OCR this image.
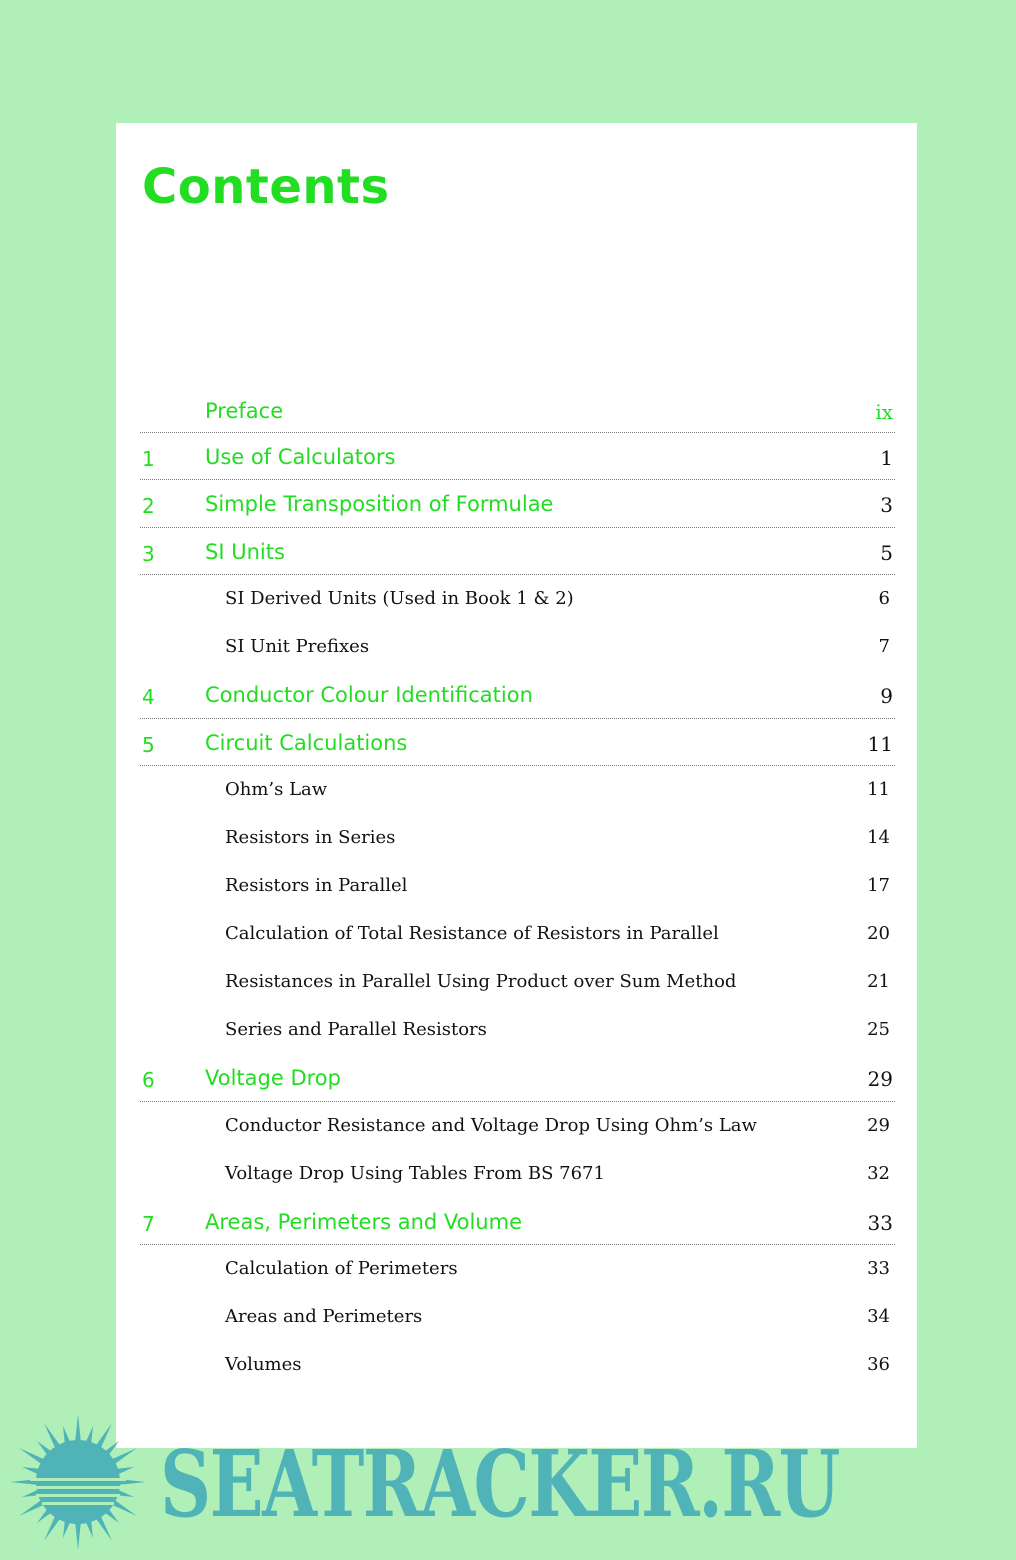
Contents
Preface	ix
1 Use of Calculators	1
2 Simple Transposition of Formulae	3
3 SI Units	5
SI Derived Units (Used in Book 1 & 2)	6
SI Unit Prefixes	7
4 Conductor Colour Identification	9
5 Circuit Calculations	11
Ohm’s Law	11
Resistors in Series	14
Resistors in Parallel	17
Calculation of Total Resistance of Resistors in Parallel	20
Resistances in Parallel Using Product over Sum Method	21
Series and Parallel Resistors	25
6 Voltage Drop	29
Conductor Resistance and Voltage Drop Using Ohm’s Law	29
Voltage Drop Using Tables From BS 7671	32
7 Areas, Perimeters and Volume	33
Calculation of Perimeters	33
Areas and Perimeters	34
Volumes	36

SEATRACKER.RU
